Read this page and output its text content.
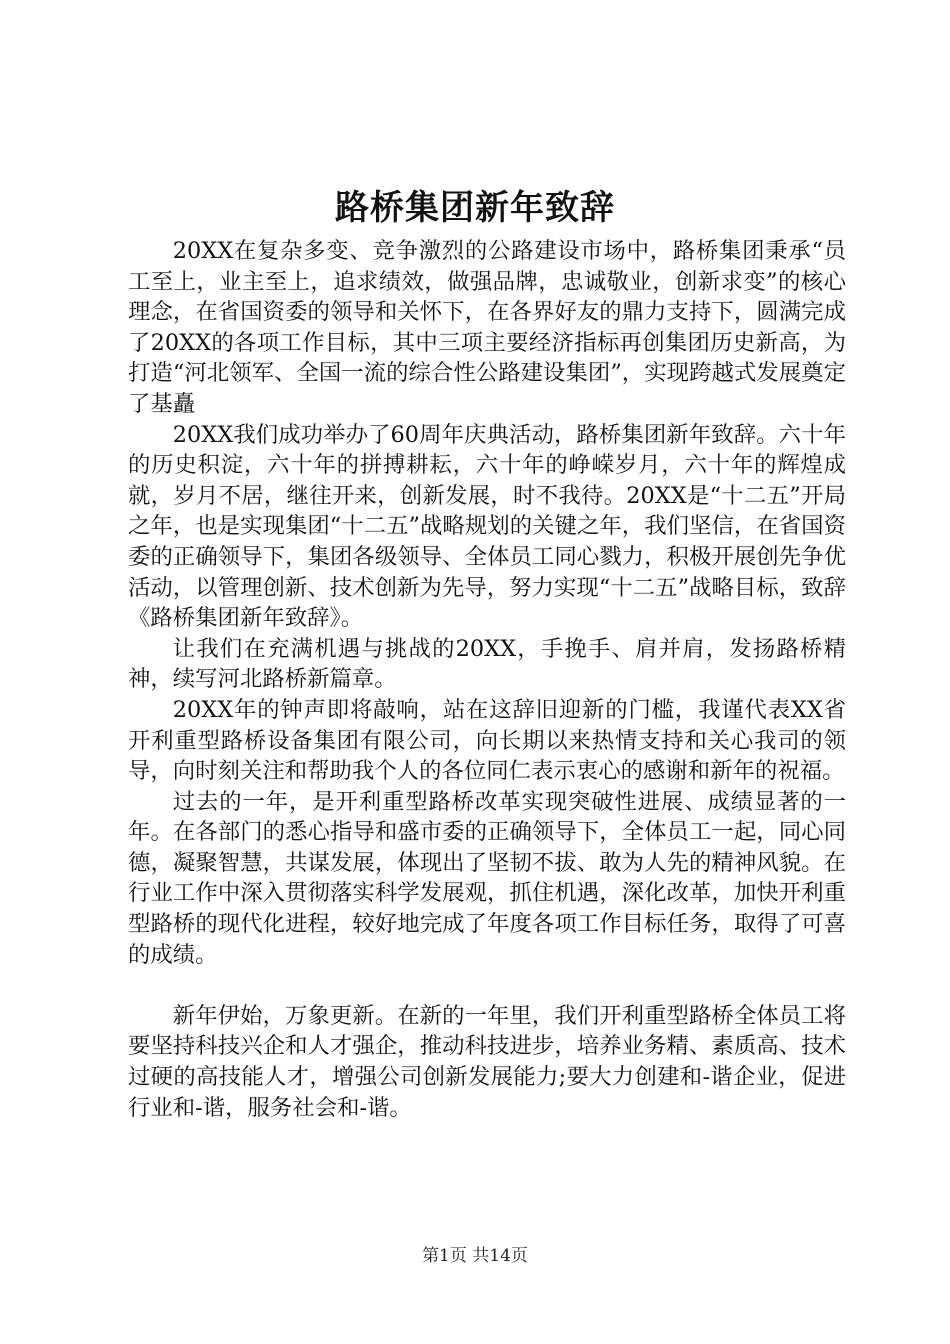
路桥集团新年致辞

20XX在复杂多变、竞争激烈的公路建设市场中，路桥集团秉承“员工至上，业主至上，追求绩效，做强品牌，忠诚敬业，创新求变”的核心理念，在省国资委的领导和关怀下，在各界好友的鼎力支持下，圆满完成了20XX的各项工作目标，其中三项主要经济指标再创集团历史新高，为打造“河北领军、全国一流的综合性公路建设集团”，实现跨越式发展奠定了基矗

20XX我们成功举办了60周年庆典活动，路桥集团新年致辞。六十年的历史积淀，六十年的拼搏耕耘，六十年的峥嵘岁月，六十年的辉煌成就，岁月不居，继往开来，创新发展，时不我待。20XX是“十二五”开局之年，也是实现集团“十二五”战略规划的关键之年，我们坚信，在省国资委的正确领导下，集团各级领导、全体员工同心戮力，积极开展创先争优活动，以管理创新、技术创新为先导，努力实现“十二五”战略目标，致辞《路桥集团新年致辞》。

让我们在充满机遇与挑战的20XX，手挽手、肩并肩，发扬路桥精神，续写河北路桥新篇章。

20XX年的钟声即将敲响，站在这辞旧迎新的门槛，我谨代表XX省开利重型路桥设备集团有限公司，向长期以来热情支持和关心我司的领导，向时刻关注和帮助我个人的各位同仁表示衷心的感谢和新年的祝福。

过去的一年，是开利重型路桥改革实现突破性进展、成绩显著的一年。在各部门的悉心指导和盛市委的正确领导下，全体员工一起，同心同德，凝聚智慧，共谋发展，体现出了坚韧不拔、敢为人先的精神风貌。在行业工作中深入贯彻落实科学发展观，抓住机遇，深化改革，加快开利重型路桥的现代化进程，较好地完成了年度各项工作目标任务，取得了可喜的成绩。

新年伊始，万象更新。在新的一年里，我们开利重型路桥全体员工将要坚持科技兴企和人才强企，推动科技进步，培养业务精、素质高、技术过硬的高技能人才，增强公司创新发展能力;要大力创建和-谐企业，促进行业和-谐，服务社会和-谐。

第1页 共14页
